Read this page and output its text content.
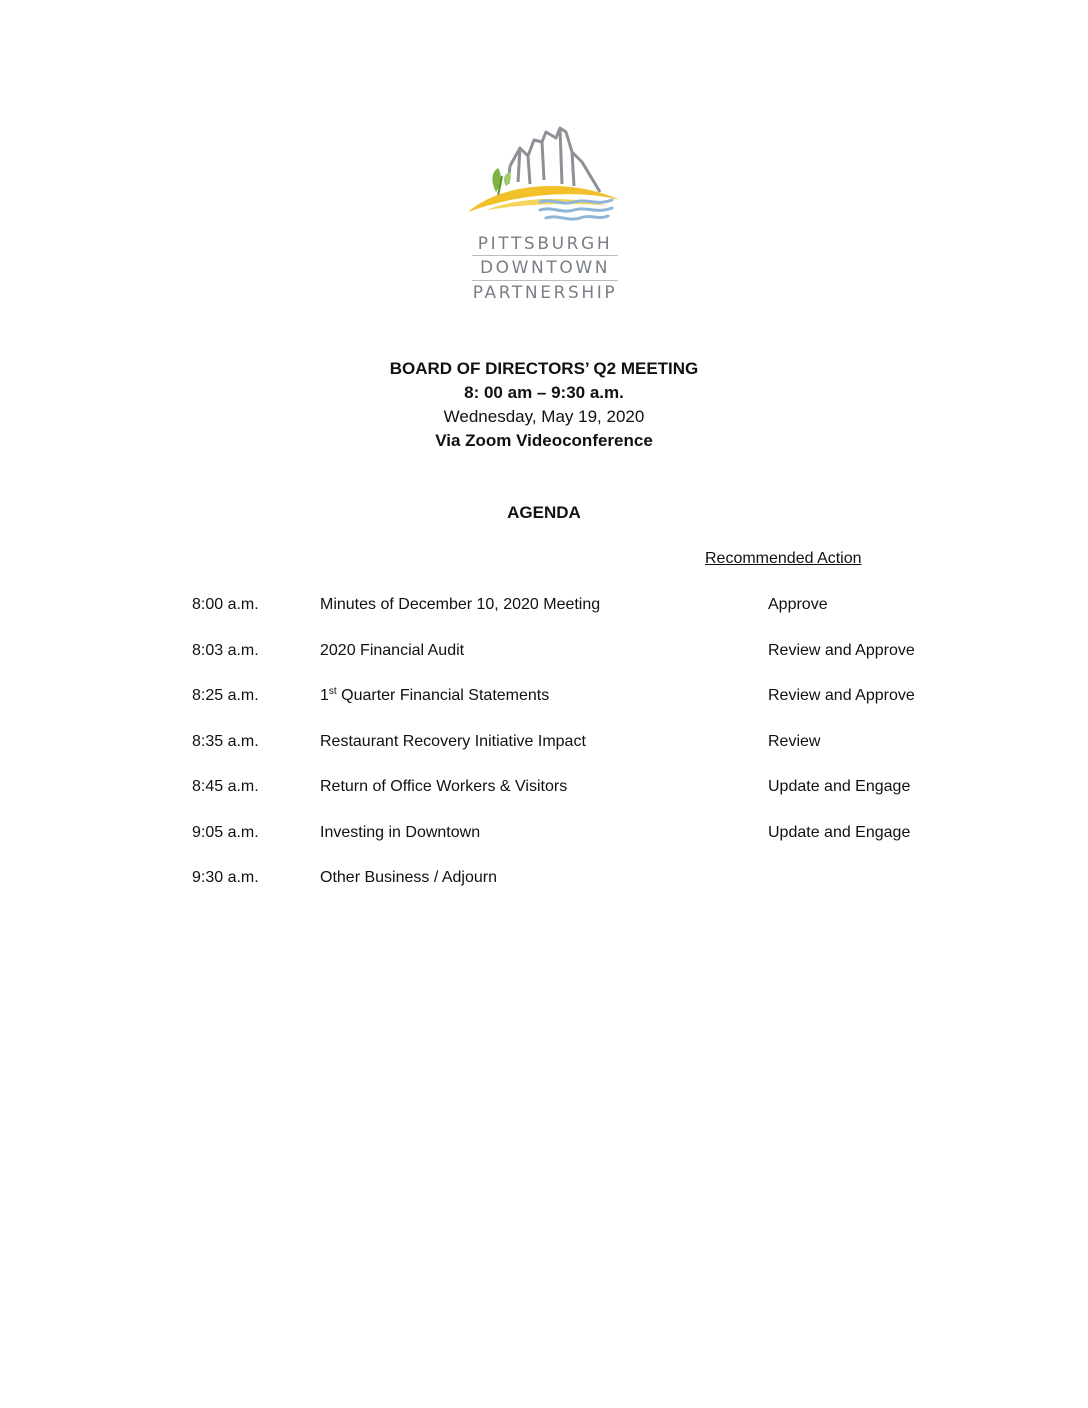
PITTSBURGH
DOWNTOWN
PARTNERSHIP
BOARD OF DIRECTORS’ Q2 MEETING
8: 00 am – 9:30 a.m.
Wednesday, May 19, 2020
Via Zoom Videoconference
AGENDA
Recommended Action
8:00 a.m.	Minutes of December 10, 2020 Meeting	Approve
8:03 a.m.	2020 Financial Audit	Review and Approve
8:25 a.m.	1st Quarter Financial Statements	Review and Approve
8:35 a.m.	Restaurant Recovery Initiative Impact	Review
8:45 a.m.	Return of Office Workers & Visitors	Update and Engage
9:05 a.m.	Investing in Downtown	Update and Engage
9:30 a.m.	Other Business / Adjourn
